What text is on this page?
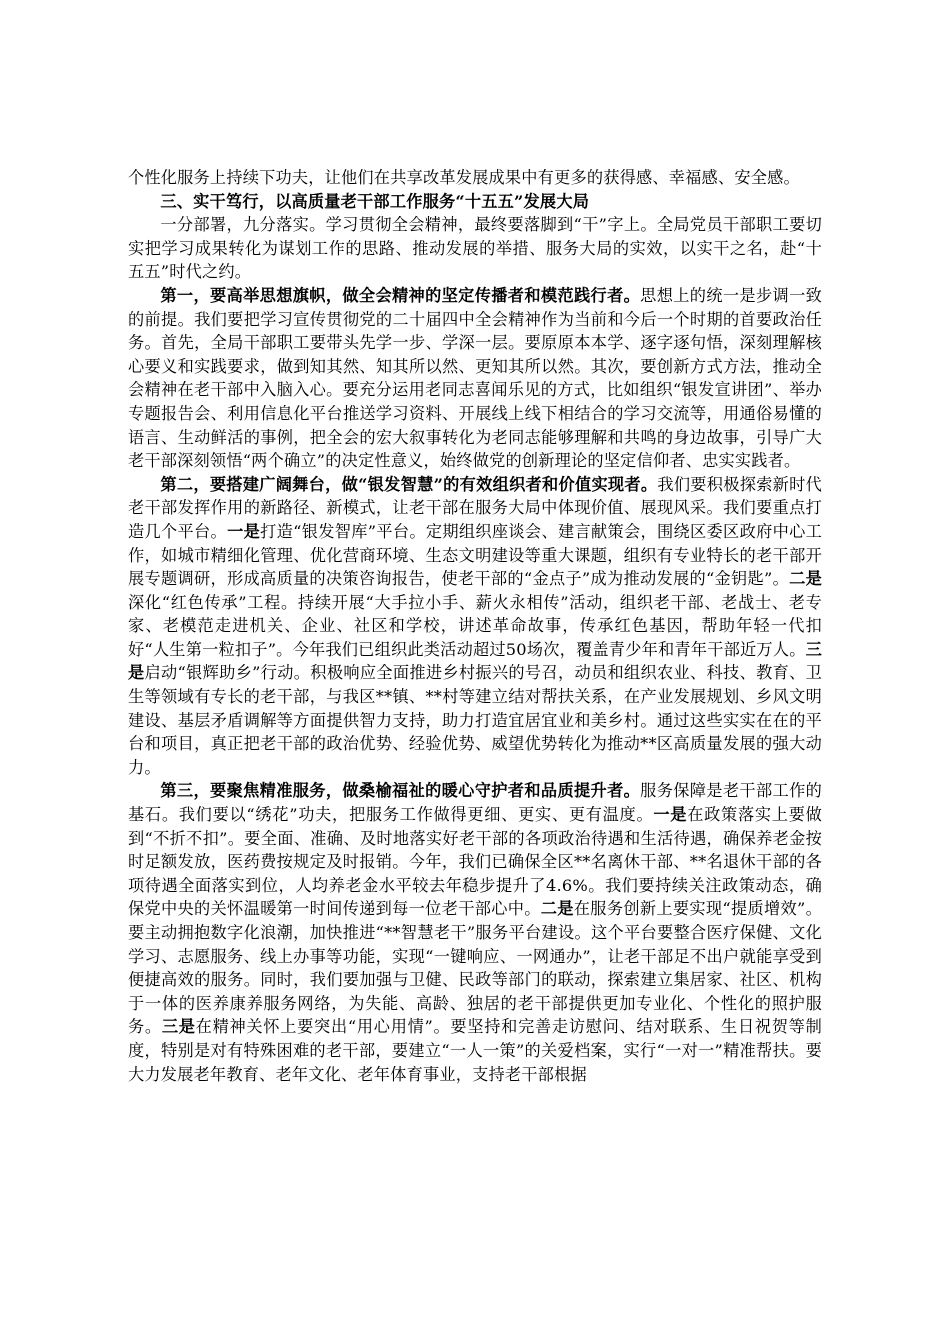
个性化服务上持续下功夫，让他们在共享改革发展成果中有更多的获得感、幸福感、安全感。

三、实干笃行，以高质量老干部工作服务“十五五”发展大局

一分部署，九分落实。学习贯彻全会精神，最终要落脚到“干”字上。全局党员干部职工要切实把学习成果转化为谋划工作的思路、推动发展的举措、服务大局的实效，以实干之名，赴“十五五”时代之约。

第一，要高举思想旗帜，做全会精神的坚定传播者和模范践行者。思想上的统一是步调一致的前提。我们要把学习宣传贯彻党的二十届四中全会精神作为当前和今后一个时期的首要政治任务。首先，全局干部职工要带头先学一步、学深一层。要原原本本学、逐字逐句悟，深刻理解核心要义和实践要求，做到知其然、知其所以然、更知其所以然。其次，要创新方式方法，推动全会精神在老干部中入脑入心。要充分运用老同志喜闻乐见的方式，比如组织“银发宣讲团”、举办专题报告会、利用信息化平台推送学习资料、开展线上线下相结合的学习交流等，用通俗易懂的语言、生动鲜活的事例，把全会的宏大叙事转化为老同志能够理解和共鸣的身边故事，引导广大老干部深刻领悟“两个确立”的决定性意义，始终做党的创新理论的坚定信仰者、忠实实践者。

第二，要搭建广阔舞台，做“银发智慧”的有效组织者和价值实现者。我们要积极探索新时代老干部发挥作用的新路径、新模式，让老干部在服务大局中体现价值、展现风采。我们要重点打造几个平台。一是打造“银发智库”平台。定期组织座谈会、建言献策会，围绕区委区政府中心工作，如城市精细化管理、优化营商环境、生态文明建设等重大课题，组织有专业特长的老干部开展专题调研，形成高质量的决策咨询报告，使老干部的“金点子”成为推动发展的“金钥匙”。二是深化“红色传承”工程。持续开展“大手拉小手、薪火永相传”活动，组织老干部、老战士、老专家、老模范走进机关、企业、社区和学校，讲述革命故事，传承红色基因，帮助年轻一代扣好“人生第一粒扣子”。今年我们已组织此类活动超过50场次，覆盖青少年和青年干部近万人。三是启动“银辉助乡”行动。积极响应全面推进乡村振兴的号召，动员和组织农业、科技、教育、卫生等领域有专长的老干部，与我区**镇、**村等建立结对帮扶关系，在产业发展规划、乡风文明建设、基层矛盾调解等方面提供智力支持，助力打造宜居宜业和美乡村。通过这些实实在在的平台和项目，真正把老干部的政治优势、经验优势、威望优势转化为推动**区高质量发展的强大动力。

第三，要聚焦精准服务，做桑榆福祉的暖心守护者和品质提升者。服务保障是老干部工作的基石。我们要以“绣花”功夫，把服务工作做得更细、更实、更有温度。一是在政策落实上要做到“不折不扣”。要全面、准确、及时地落实好老干部的各项政治待遇和生活待遇，确保养老金按时足额发放，医药费按规定及时报销。今年，我们已确保全区**名离休干部、**名退休干部的各项待遇全面落实到位，人均养老金水平较去年稳步提升了4.6%。我们要持续关注政策动态，确保党中央的关怀温暖第一时间传递到每一位老干部心中。二是在服务创新上要实现“提质增效”。要主动拥抱数字化浪潮，加快推进“**智慧老干”服务平台建设。这个平台要整合医疗保健、文化学习、志愿服务、线上办事等功能，实现“一键响应、一网通办”，让老干部足不出户就能享受到便捷高效的服务。同时，我们要加强与卫健、民政等部门的联动，探索建立集居家、社区、机构于一体的医养康养服务网络，为失能、高龄、独居的老干部提供更加专业化、个性化的照护服务。三是在精神关怀上要突出“用心用情”。要坚持和完善走访慰问、结对联系、生日祝贺等制度，特别是对有特殊困难的老干部，要建立“一人一策”的关爱档案，实行“一对一”精准帮扶。要大力发展老年教育、老年文化、老年体育事业，支持老干部根据
